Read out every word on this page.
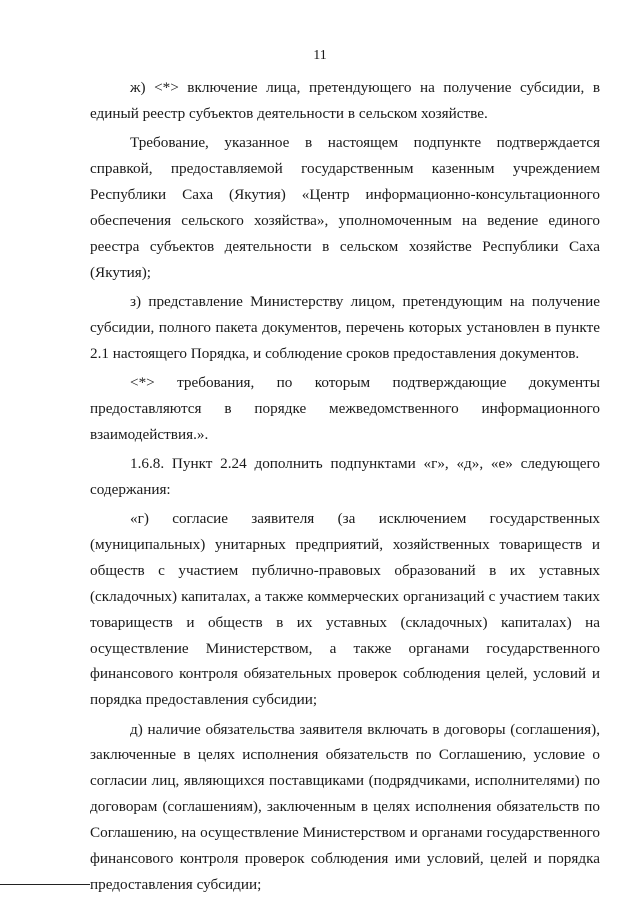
11

ж) <*> включение лица, претендующего на получение субсидии, в единый реестр субъектов деятельности в сельском хозяйстве.

Требование, указанное в настоящем подпункте подтверждается справкой, предоставляемой государственным казенным учреждением Республики Саха (Якутия) «Центр информационно-консультационного обеспечения сельского хозяйства», уполномоченным на ведение единого реестра субъектов деятельности в сельском хозяйстве Республики Саха (Якутия);

з) представление Министерству лицом, претендующим на получение субсидии, полного пакета документов, перечень которых установлен в пункте 2.1 настоящего Порядка, и соблюдение сроков предоставления документов.

<*> требования, по которым подтверждающие документы предоставляются в порядке межведомственного информационного взаимодействия.».

1.6.8. Пункт 2.24 дополнить подпунктами «г», «д», «е» следующего содержания:

«г) согласие заявителя (за исключением государственных (муниципальных) унитарных предприятий, хозяйственных товариществ и обществ с участием публично-правовых образований в их уставных (складочных) капиталах, а также коммерческих организаций с участием таких товариществ и обществ в их уставных (складочных) капиталах) на осуществление Министерством, а также органами государственного финансового контроля обязательных проверок соблюдения целей, условий и порядка предоставления субсидии;

д) наличие обязательства заявителя включать в договоры (соглашения), заключенные в целях исполнения обязательств по Соглашению, условие о согласии лиц, являющихся поставщиками (подрядчиками, исполнителями) по договорам (соглашениям), заключенным в целях исполнения обязательств по Соглашению, на осуществление Министерством и органами государственного финансового контроля проверок соблюдения ими условий, целей и порядка предоставления субсидии;
